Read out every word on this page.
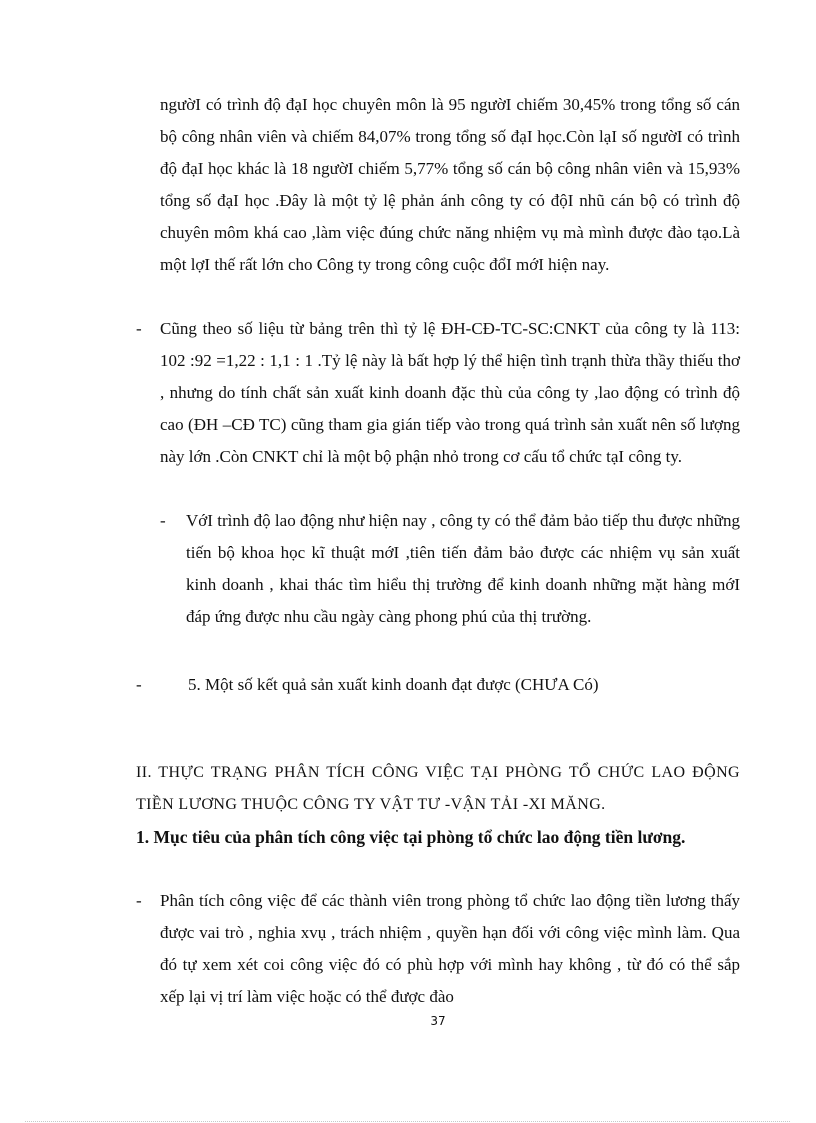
ngườI có trình độ đạI học chuyên môn là 95 ngườI chiếm 30,45% trong tổng số cán bộ công nhân viên và chiếm 84,07% trong tổng số đạI học.Còn lạI số ngườI có trình độ đạI học khác là 18 ngườI chiếm 5,77% tổng số cán bộ công nhân viên và 15,93% tổng số đạI học .Đây là một tỷ lệ phản ánh công ty có độI nhũ cán bộ có trình độ chuyên môm khá cao ,làm việc đúng chức năng nhiệm vụ mà mình được đào tạo.Là một lợI thế rất lớn cho Công ty trong công cuộc đổI mớI hiện nay.
- Cũng theo số liệu từ bảng trên thì tỷ lệ ĐH-CĐ-TC-SC:CNKT của công ty là 113: 102 :92 =1,22 : 1,1 : 1 .Tỷ lệ này là bất hợp lý thể hiện tình trạnh thừa thầy thiếu thơ , nhưng do tính chất sản xuất kinh doanh đặc thù của công ty ,lao động có trình độ cao (ĐH –CĐ TC) cũng tham gia gián tiếp vào trong quá trình sản xuất nên số lượng này lớn .Còn CNKT chỉ là một bộ phận nhỏ trong cơ cấu tổ chức tạI công ty.
- VớI trình độ lao động như hiện nay , công ty có thể đảm bảo tiếp thu được những tiến bộ khoa học kĩ thuật mớI ,tiên tiến đảm bảo được các nhiệm vụ sản xuất kinh doanh , khai thác tìm hiểu thị trường để kinh doanh những mặt hàng mớI đáp ứng được nhu cầu ngày càng phong phú của thị trường.
-	5. Một số kết quả sản xuất kinh doanh đạt được (CHƯA Có)
II. THỰC TRẠNG PHÂN TÍCH CÔNG VIỆC TẠI PHÒNG TỔ CHỨC LAO ĐỘNG TIỀN LƯƠNG THUỘC CÔNG TY VẬT TƯ -VẬN TẢI -XI MĂNG.
1. Mục tiêu của phân tích công việc tại phòng tổ chức lao động tiền lương.
- Phân tích công việc để các thành viên trong phòng tổ chức lao động tiền lương thấy được vai trò , nghia xvụ , trách nhiệm , quyền hạn đối với công việc mình làm. Qua đó tự xem xét coi công việc đó có phù hợp với mình hay không , từ đó có thể sắp xếp lại vị trí làm việc hoặc có thể được đào
37
